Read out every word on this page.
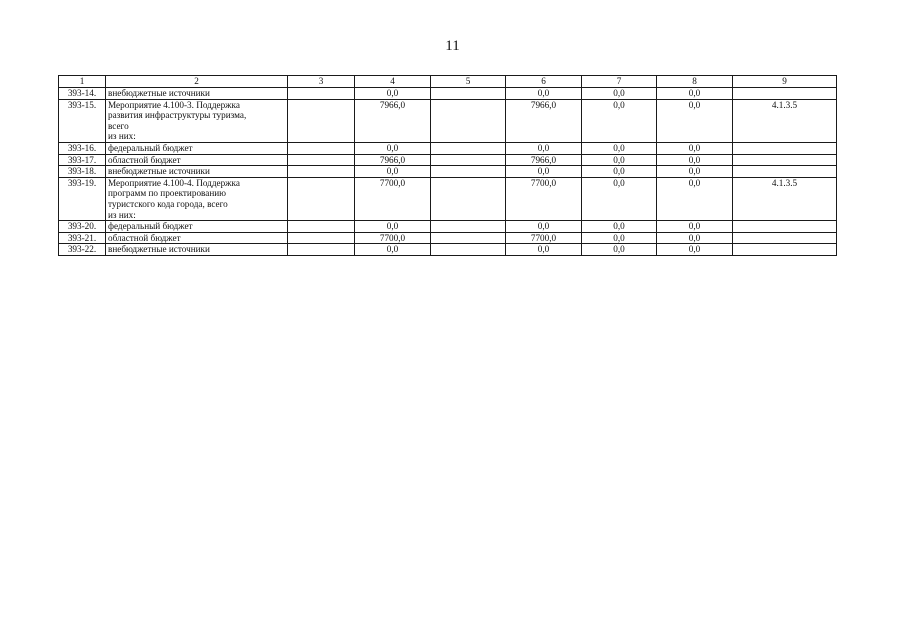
11
1	2	3	4	5	6	7	8	9
393-14.	внебюджетные источники		0,0		0,0	0,0	0,0	
393-15.	Мероприятие 4.100-3. Поддержка
развития инфраструктуры туризма,
всего
из них:		7966,0		7966,0	0,0	0,0	4.1.3.5
393-16.	федеральный бюджет		0,0		0,0	0,0	0,0	
393-17.	областной бюджет		7966,0		7966,0	0,0	0,0	
393-18.	внебюджетные источники		0,0		0,0	0,0	0,0	
393-19.	Мероприятие 4.100-4. Поддержка
программ по проектированию
туристского кода города, всего
из них:		7700,0		7700,0	0,0	0,0	4.1.3.5
393-20.	федеральный бюджет		0,0		0,0	0,0	0,0	
393-21.	областной бюджет		7700,0		7700,0	0,0	0,0	
393-22.	внебюджетные источники		0,0		0,0	0,0	0,0	
